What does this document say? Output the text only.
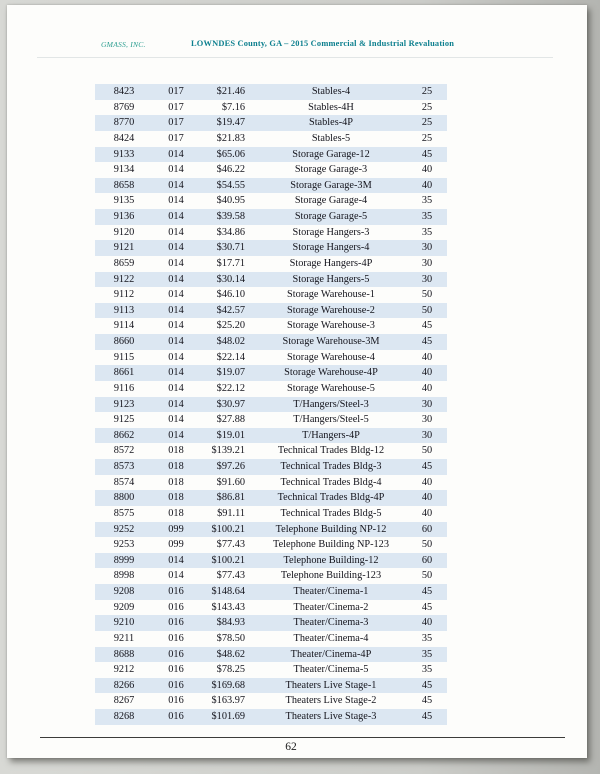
GMASS, INC.	LOWNDES County, GA – 2015 Commercial & Industrial Revaluation
8423	017	$21.46	Stables-4	25
8769	017	$7.16	Stables-4H	25
8770	017	$19.47	Stables-4P	25
8424	017	$21.83	Stables-5	25
9133	014	$65.06	Storage Garage-12	45
9134	014	$46.22	Storage Garage-3	40
8658	014	$54.55	Storage Garage-3M	40
9135	014	$40.95	Storage Garage-4	35
9136	014	$39.58	Storage Garage-5	35
9120	014	$34.86	Storage Hangers-3	35
9121	014	$30.71	Storage Hangers-4	30
8659	014	$17.71	Storage Hangers-4P	30
9122	014	$30.14	Storage Hangers-5	30
9112	014	$46.10	Storage Warehouse-1	50
9113	014	$42.57	Storage Warehouse-2	50
9114	014	$25.20	Storage Warehouse-3	45
8660	014	$48.02	Storage Warehouse-3M	45
9115	014	$22.14	Storage Warehouse-4	40
8661	014	$19.07	Storage Warehouse-4P	40
9116	014	$22.12	Storage Warehouse-5	40
9123	014	$30.97	T/Hangers/Steel-3	30
9125	014	$27.88	T/Hangers/Steel-5	30
8662	014	$19.01	T/Hangers-4P	30
8572	018	$139.21	Technical Trades Bldg-12	50
8573	018	$97.26	Technical Trades Bldg-3	45
8574	018	$91.60	Technical Trades Bldg-4	40
8800	018	$86.81	Technical Trades Bldg-4P	40
8575	018	$91.11	Technical Trades Bldg-5	40
9252	099	$100.21	Telephone Building NP-12	60
9253	099	$77.43	Telephone Building NP-123	50
8999	014	$100.21	Telephone Building-12	60
8998	014	$77.43	Telephone Building-123	50
9208	016	$148.64	Theater/Cinema-1	45
9209	016	$143.43	Theater/Cinema-2	45
9210	016	$84.93	Theater/Cinema-3	40
9211	016	$78.50	Theater/Cinema-4	35
8688	016	$48.62	Theater/Cinema-4P	35
9212	016	$78.25	Theater/Cinema-5	35
8266	016	$169.68	Theaters Live Stage-1	45
8267	016	$163.97	Theaters Live Stage-2	45
8268	016	$101.69	Theaters Live Stage-3	45
62
